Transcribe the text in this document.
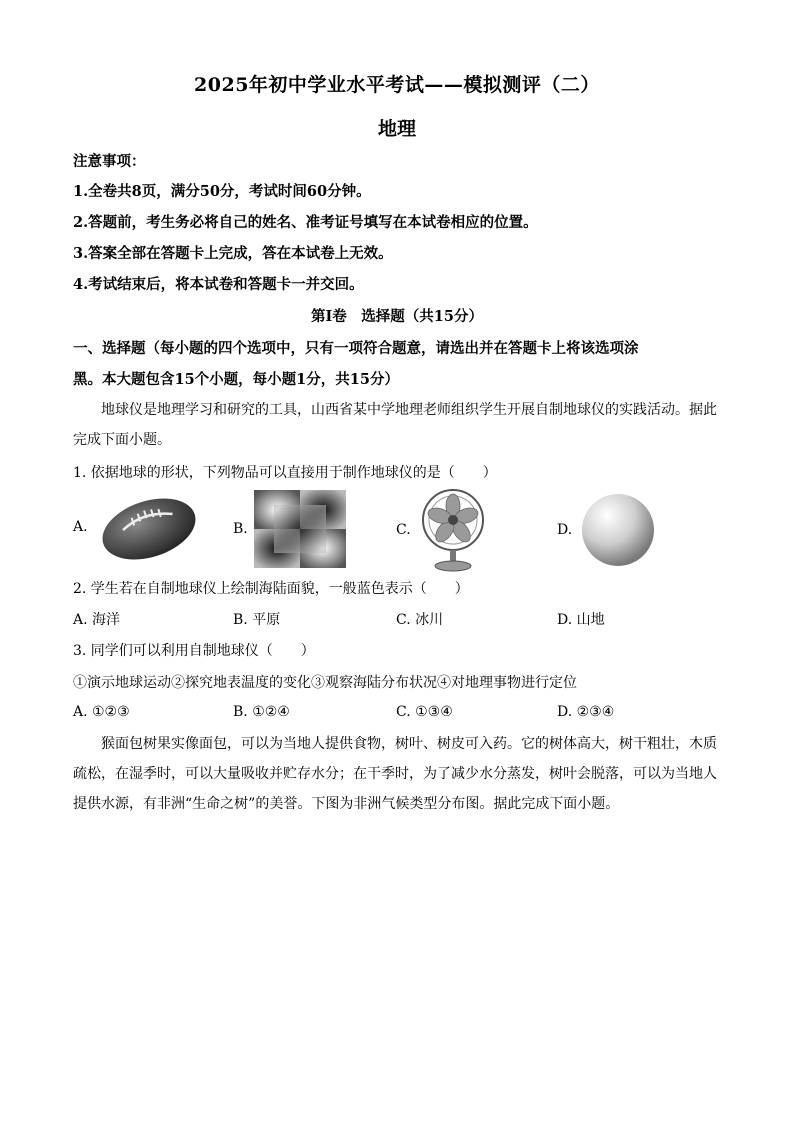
2025年初中学业水平考试——模拟测评（二）
地理
注意事项：
1.全卷共8页，满分50分，考试时间60分钟。
2.答题前，考生务必将自己的姓名、准考证号填写在本试卷相应的位置。
3.答案全部在答题卡上完成，答在本试卷上无效。
4.考试结束后，将本试卷和答题卡一并交回。
第Ⅰ卷　选择题（共15分）
一、选择题（每小题的四个选项中，只有一项符合题意，请选出并在答题卡上将该选项涂
黑。本大题包含15个小题，每小题1分，共15分）
地球仪是地理学习和研究的工具，山西省某中学地理老师组织学生开展自制地球仪的实践活动。据此完成下面小题。
1. 依据地球的形状，下列物品可以直接用于制作地球仪的是（　　）
A.	B.	C.	D.
2. 学生若在自制地球仪上绘制海陆面貌，一般蓝色表示（　　）
A. 海洋	B. 平原	C. 冰川	D. 山地
3. 同学们可以利用自制地球仪（　　）
①演示地球运动②探究地表温度的变化③观察海陆分布状况④对地理事物进行定位
A. ①②③	B. ①②④	C. ①③④	D. ②③④
猴面包树果实像面包，可以为当地人提供食物，树叶、树皮可入药。它的树体高大，树干粗壮，木质疏松，在湿季时，可以大量吸收并贮存水分；在干季时，为了减少水分蒸发，树叶会脱落，可以为当地人提供水源，有非洲“生命之树”的美誉。下图为非洲气候类型分布图。据此完成下面小题。
